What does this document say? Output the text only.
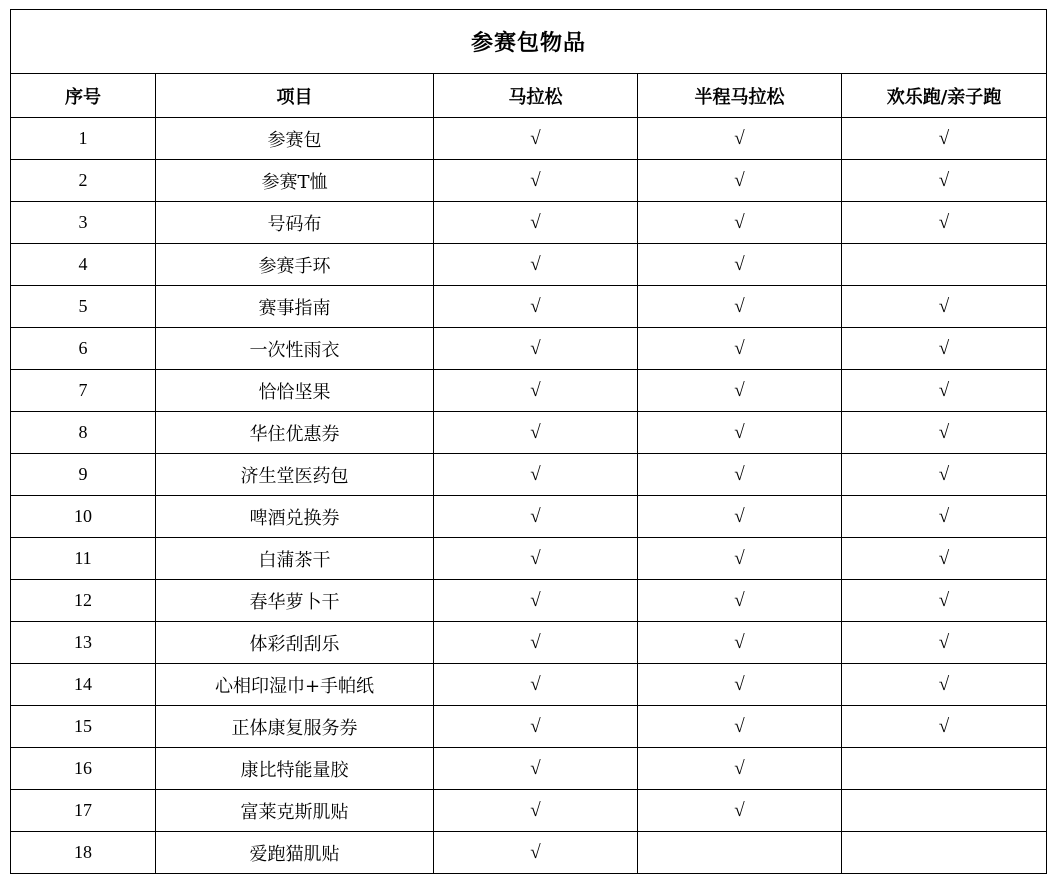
参赛包物品				
序号	项目	马拉松	半程马拉松	欢乐跑/亲子跑
1	参赛包	√	√	√
2	参赛T恤	√	√	√
3	号码布	√	√	√
4	参赛手环	√	√	
5	赛事指南	√	√	√
6	一次性雨衣	√	√	√
7	恰恰坚果	√	√	√
8	华住优惠券	√	√	√
9	济生堂医药包	√	√	√
10	啤酒兑换券	√	√	√
11	白蒲茶干	√	√	√
12	春华萝卜干	√	√	√
13	体彩刮刮乐	√	√	√
14	心相印湿巾+手帕纸	√	√	√
15	正体康复服务券	√	√	√
16	康比特能量胶	√	√	
17	富莱克斯肌贴	√	√	
18	爱跑猫肌贴	√		
